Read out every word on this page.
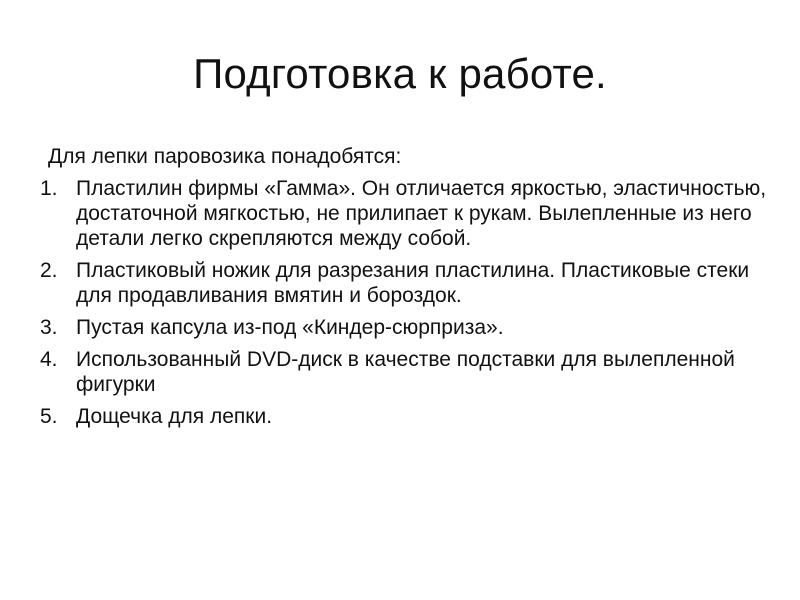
Подготовка к работе.

Для лепки паровозика понадобятся:

1. Пластилин фирмы «Гамма». Он отличается яркостью, эластичностью, достаточной мягкостью, не прилипает к рукам. Вылепленные из него детали легко скрепляются между собой.
2. Пластиковый ножик для разрезания пластилина. Пластиковые стеки для продавливания вмятин и бороздок.
3. Пустая капсула из-под «Киндер-сюрприза».
4. Использованный DVD-диск в качестве подставки для вылепленной фигурки
5. Дощечка для лепки.
